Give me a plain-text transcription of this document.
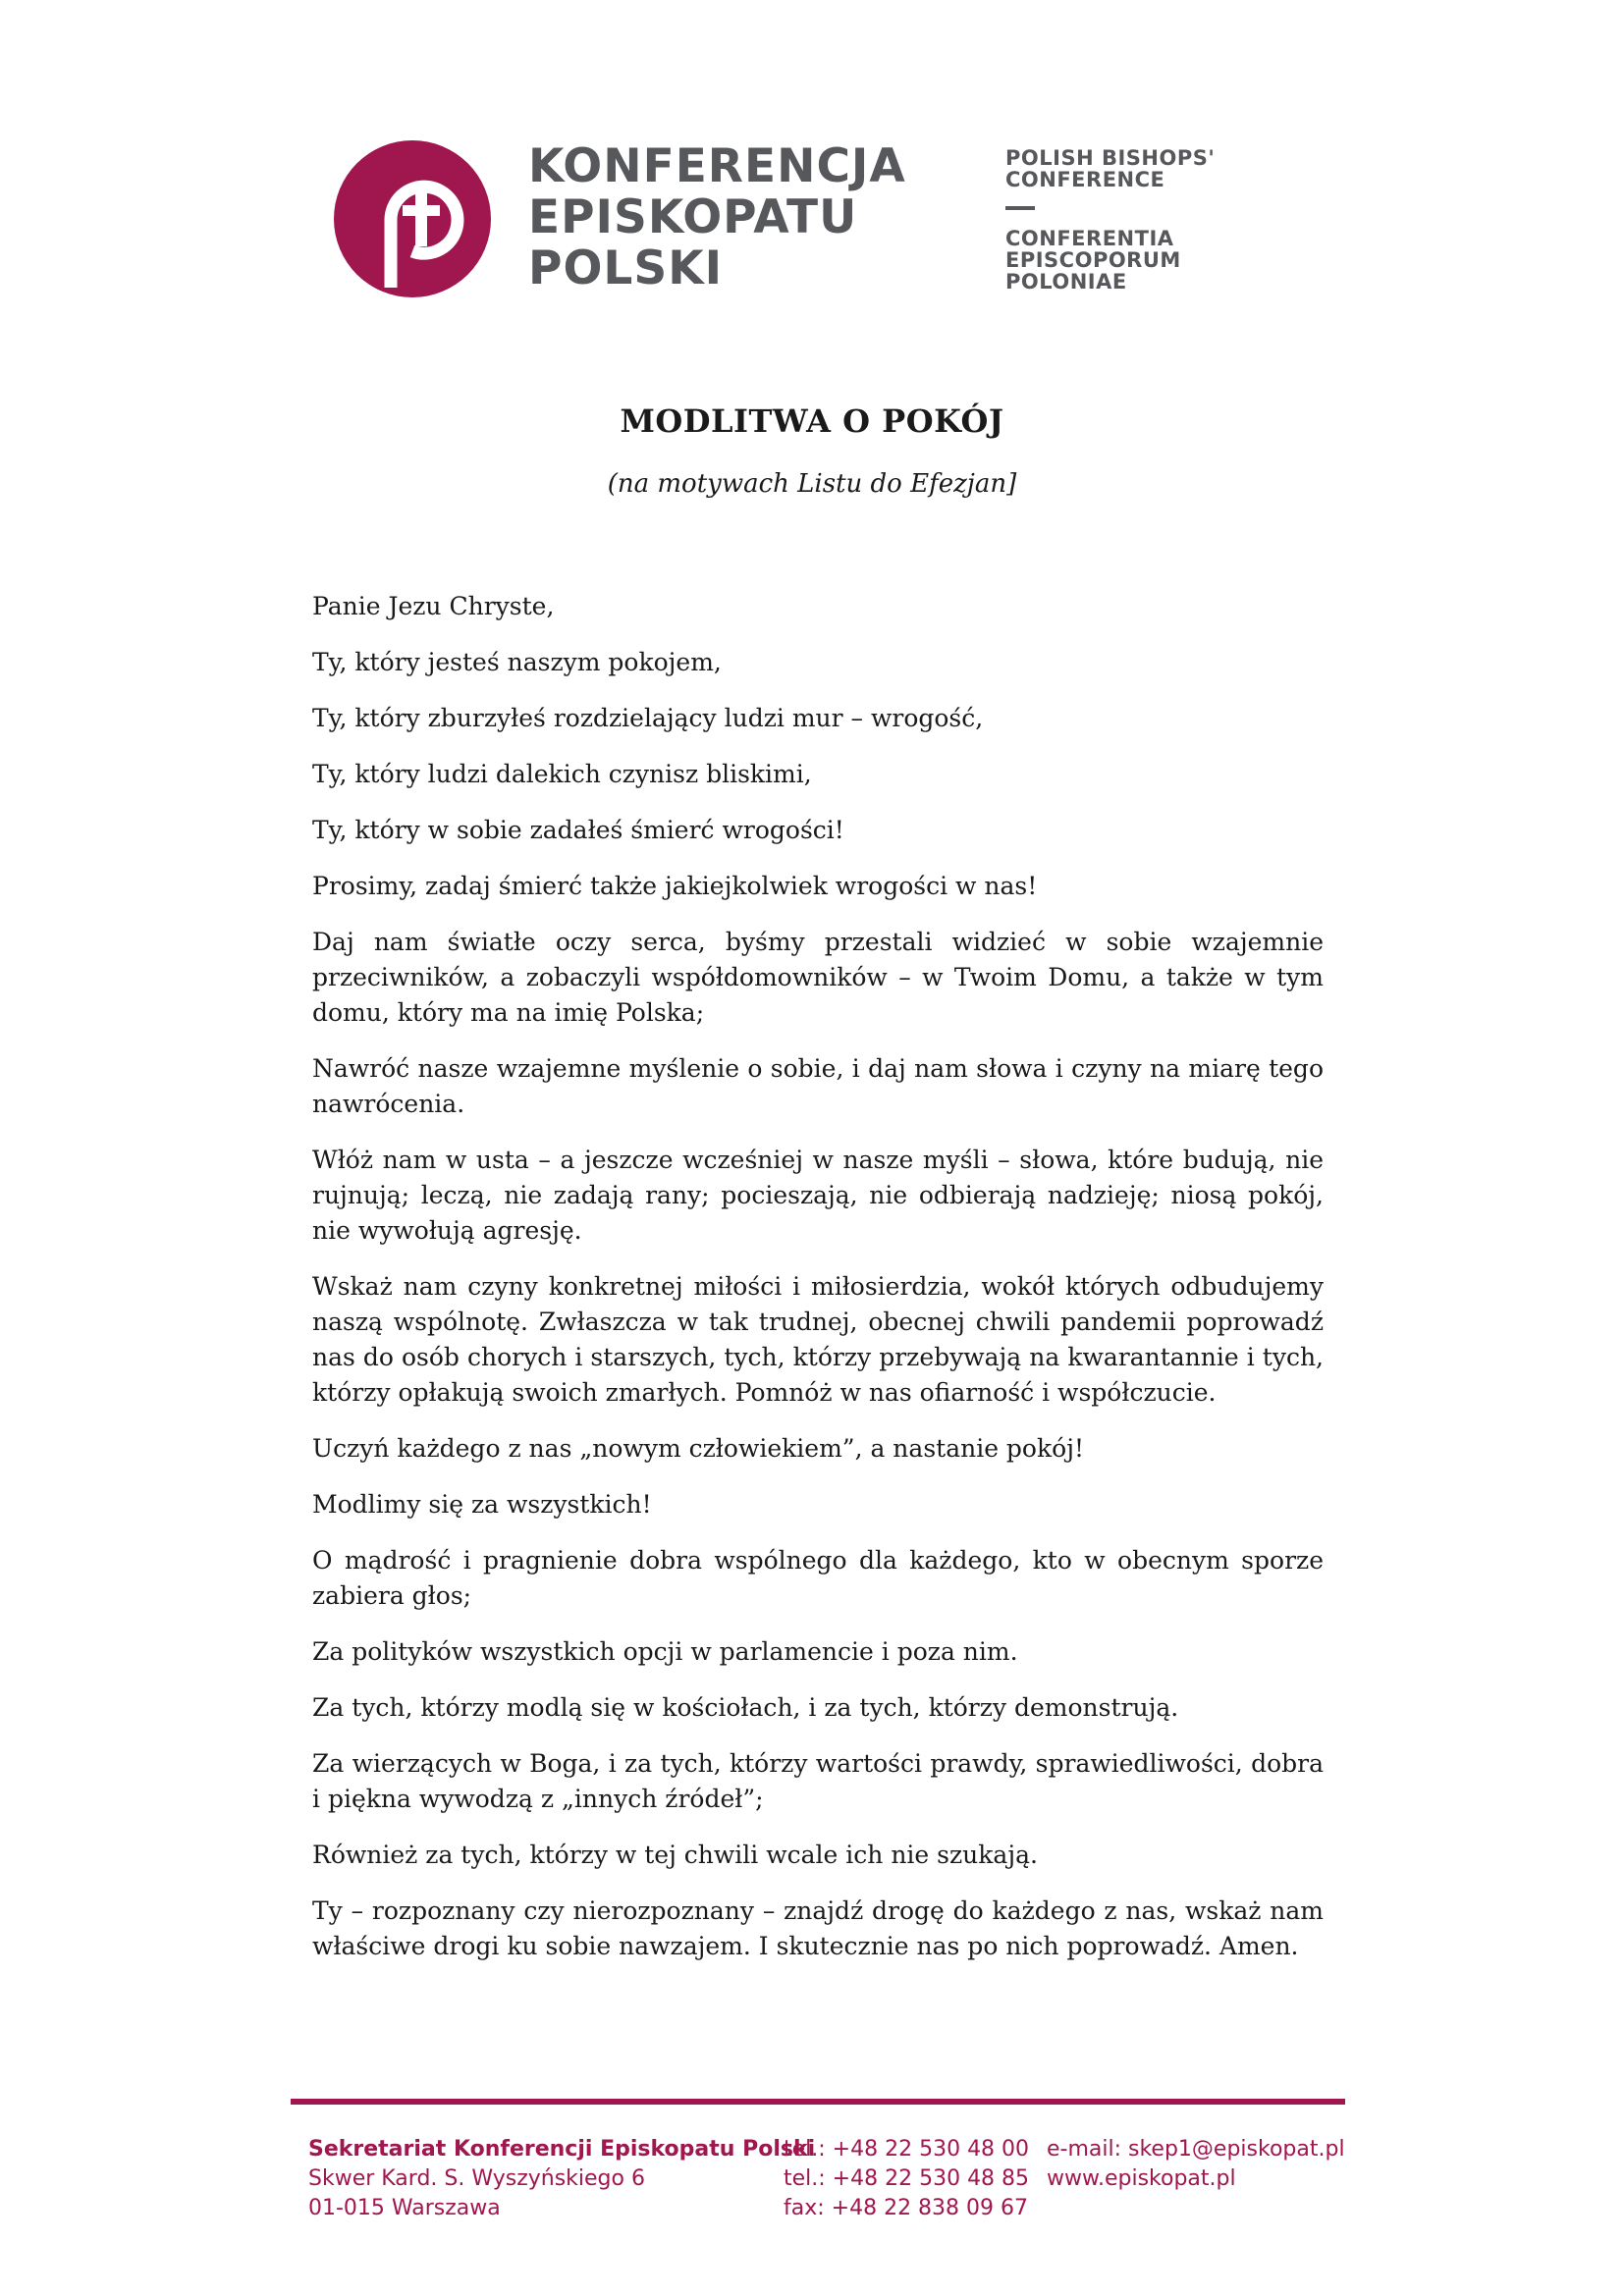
KONFERENCJA
EPISKOPATU
POLSKI
POLISH BISHOPS'
CONFERENCE
CONFERENTIA
EPISCOPORUM
POLONIAE
MODLITWA O POKÓJ
(na motywach Listu do Efezjan]

Panie Jezu Chryste,

Ty, który jesteś naszym pokojem,

Ty, który zburzyłeś rozdzielający ludzi mur – wrogość,

Ty, który ludzi dalekich czynisz bliskimi,

Ty, który w sobie zadałeś śmierć wrogości!

Prosimy, zadaj śmierć także jakiejkolwiek wrogości w nas!

Daj nam światłe oczy serca, byśmy przestali widzieć w sobie wzajemnie przeciwników, a zobaczyli współdomowników – w Twoim Domu, a także w tym domu, który ma na imię Polska;

Nawróć nasze wzajemne myślenie o sobie, i daj nam słowa i czyny na miarę tego nawrócenia.

Włóż nam w usta – a jeszcze wcześniej w nasze myśli – słowa, które budują, nie rujnują; leczą, nie zadają rany; pocieszają, nie odbierają nadzieję; niosą pokój, nie wywołują agresję.

Wskaż nam czyny konkretnej miłości i miłosierdzia, wokół których odbudujemy naszą wspólnotę. Zwłaszcza w tak trudnej, obecnej chwili pandemii poprowadź nas do osób chorych i starszych, tych, którzy przebywają na kwarantannie i tych, którzy opłakują swoich zmarłych. Pomnóż w nas ofiarność i współczucie.

Uczyń każdego z nas „nowym człowiekiem”, a nastanie pokój!

Modlimy się za wszystkich!

O mądrość i pragnienie dobra wspólnego dla każdego, kto w obecnym sporze zabiera głos;

Za polityków wszystkich opcji w parlamencie i poza nim.

Za tych, którzy modlą się w kościołach, i za tych, którzy demonstrują.

Za wierzących w Boga, i za tych, którzy wartości prawdy, sprawiedliwości, dobra i piękna wywodzą z „innych źródeł”;

Również za tych, którzy w tej chwili wcale ich nie szukają.

Ty – rozpoznany czy nierozpoznany – znajdź drogę do każdego z nas, wskaż nam właściwe drogi ku sobie nawzajem. I skutecznie nas po nich poprowadź. Amen.

Sekretariat Konferencji Episkopatu Polski
Skwer Kard. S. Wyszyńskiego 6
01-015 Warszawa
tel.: +48 22 530 48 00
tel.: +48 22 530 48 85
fax: +48 22 838 09 67
e-mail: skep1@episkopat.pl
www.episkopat.pl
